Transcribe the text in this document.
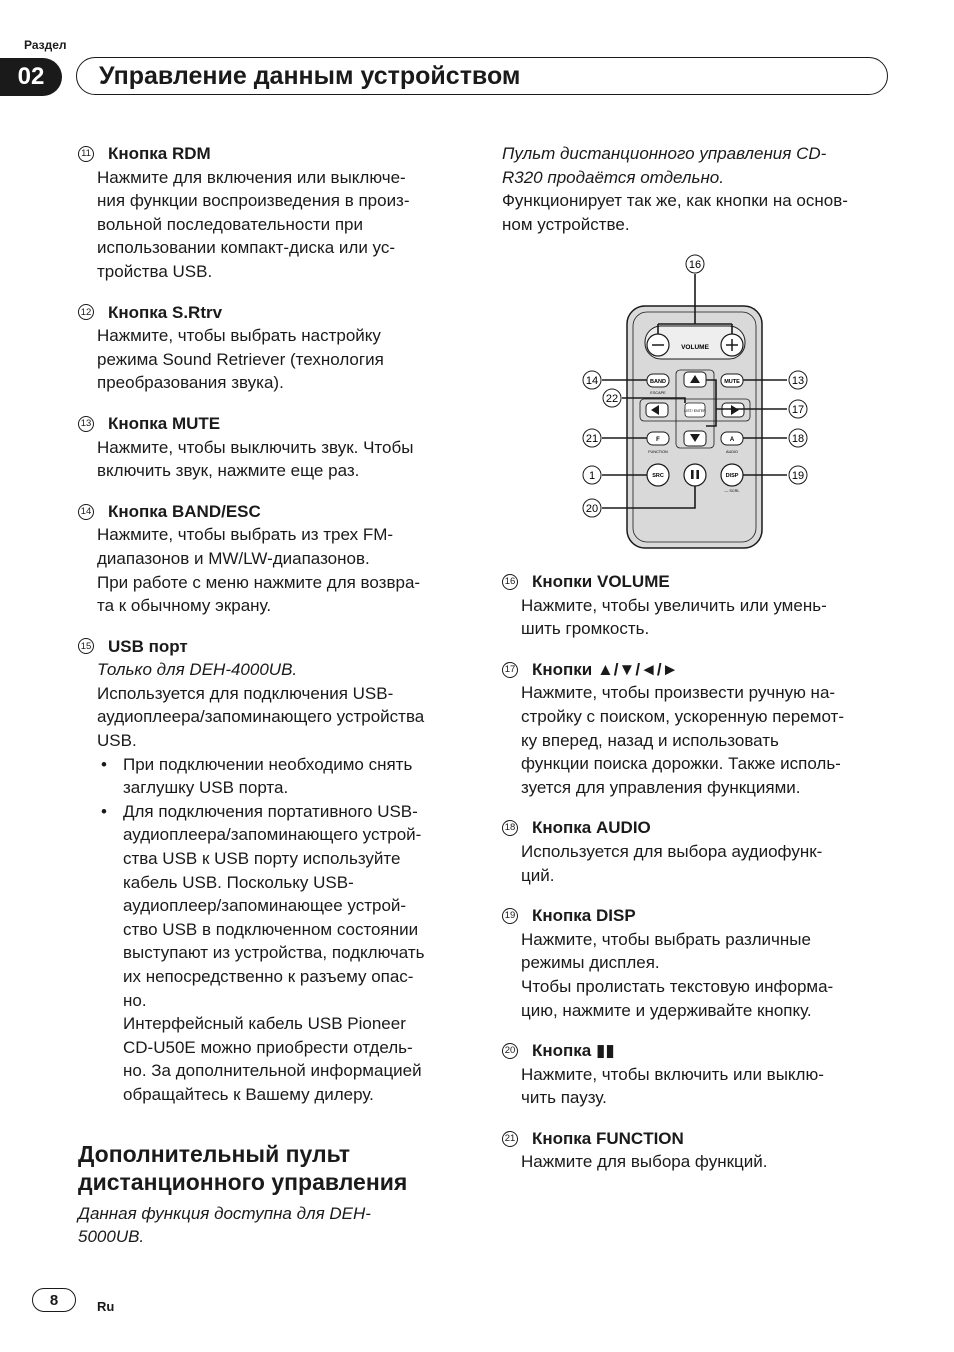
Раздел
02 Управление данным устройством
11 Кнопка RDM
Нажмите для включения или выключе-
ния функции воспроизведения в произ-
вольной последовательности при
использовании компакт-диска или ус-
тройства USB.
12 Кнопка S.Rtrv
Нажмите, чтобы выбрать настройку
режима Sound Retriever (технология
преобразования звука).
13 Кнопка MUTE
Нажмите, чтобы выключить звук. Чтобы
включить звук, нажмите еще раз.
14 Кнопка BAND/ESC
Нажмите, чтобы выбрать из трех FM-
диапазонов и MW/LW-диапазонов.
При работе с меню нажмите для возвра-
та к обычному экрану.
15 USB порт
Только для DEH-4000UB.
Используется для подключения USB-
аудиоплеера/запоминающего устройства
USB.
• При подключении необходимо снять
заглушку USB порта.
• Для подключения портативного USB-
аудиоплеера/запоминающего устрой-
ства USB к USB порту используйте
кабель USB. Поскольку USB-
аудиоплеер/запоминающее устрой-
ство USB в подключенном состоянии
выступают из устройства, подключать
их непосредственно к разъему опас-
но.
Интерфейсный кабель USB Pioneer
CD-U50E можно приобрести отдель-
но. За дополнительной информацией
обращайтесь к Вашему дилеру.
Дополнительный пульт
дистанционного управления
Данная функция доступна для DEH-
5000UB.
Пульт дистанционного управления CD-
R320 продаётся отдельно.
Функционирует так же, как кнопки на основ-
ном устройстве.
VOLUME
LIST/ ENTER
BAND
ESCAPE
MUTE
F
FUNCTION
A
AUDIO
SRC	DISP
— SCRL
16
14
22
13
17
21	18
1	19
20
16 Кнопки VOLUME
Нажмите, чтобы увеличить или умень-
шить громкость.
17 Кнопки ▲/▼/◄/►
Нажмите, чтобы произвести ручную на-
стройку с поиском, ускоренную перемот-
ку вперед, назад и использовать
функции поиска дорожки. Также исполь-
зуется для управления функциями.
18 Кнопка AUDIO
Используется для выбора аудиофунк-
ций.
19 Кнопка DISP
Нажмите, чтобы выбрать различные
режимы дисплея.
Чтобы пролистать текстовую информа-
цию, нажмите и удерживайте кнопку.
20 Кнопка ▮▮
Нажмите, чтобы включить или выклю-
чить паузу.
21 Кнопка FUNCTION
Нажмите для выбора функций.
8	Ru
